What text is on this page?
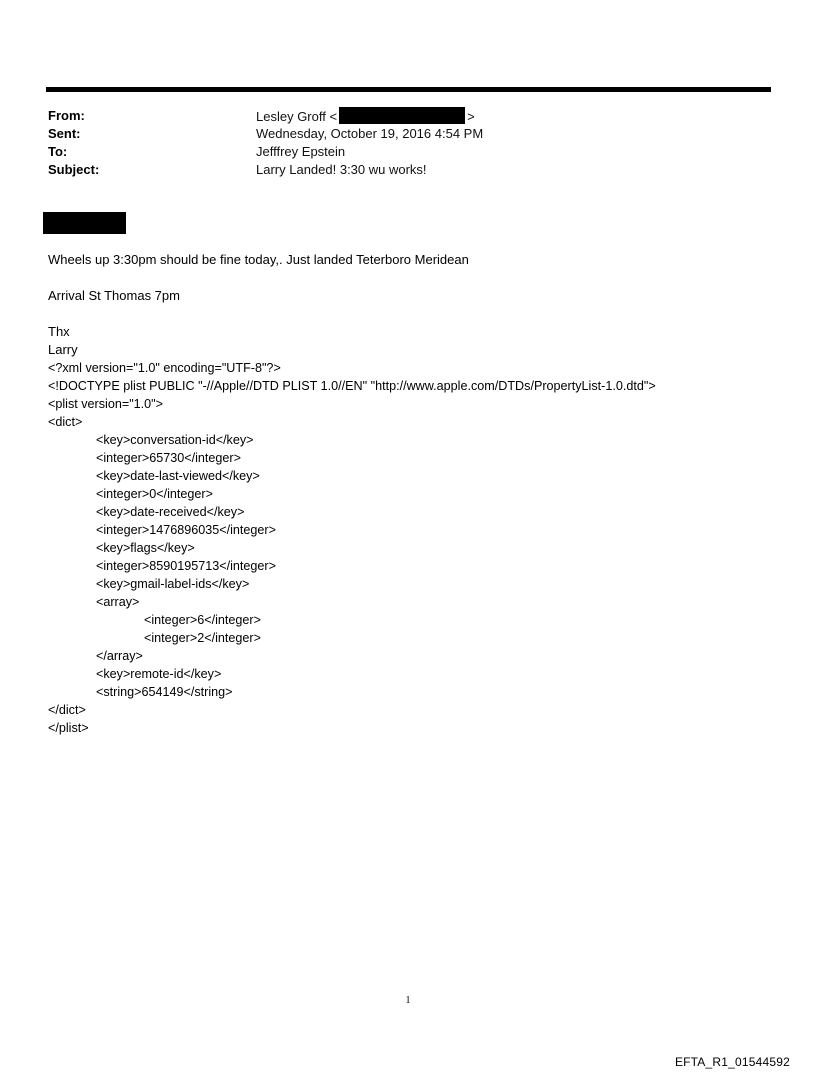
From:	Lesley Groff <	>
Sent:	Wednesday, October 19, 2016 4:54 PM
To:	Jefffrey Epstein
Subject:	Larry Landed! 3:30 wu works!
Wheels up 3:30pm should be fine today,. Just landed Teterboro Meridean
Arrival St Thomas 7pm
Thx
Larry
<?xml version="1.0" encoding="UTF-8"?>
<!DOCTYPE plist PUBLIC "-//Apple//DTD PLIST 1.0//EN" "http://www.apple.com/DTDs/PropertyList-1.0.dtd">
<plist version="1.0">
<dict>
<key>conversation-id</key>
<integer>65730</integer>
<key>date-last-viewed</key>
<integer>0</integer>
<key>date-received</key>
<integer>1476896035</integer>
<key>flags</key>
<integer>8590195713</integer>
<key>gmail-label-ids</key>
<array>
<integer>6</integer>
<integer>2</integer>
</array>
<key>remote-id</key>
<string>654149</string>
</dict>
</plist>
1
EFTA_R1_01544592
